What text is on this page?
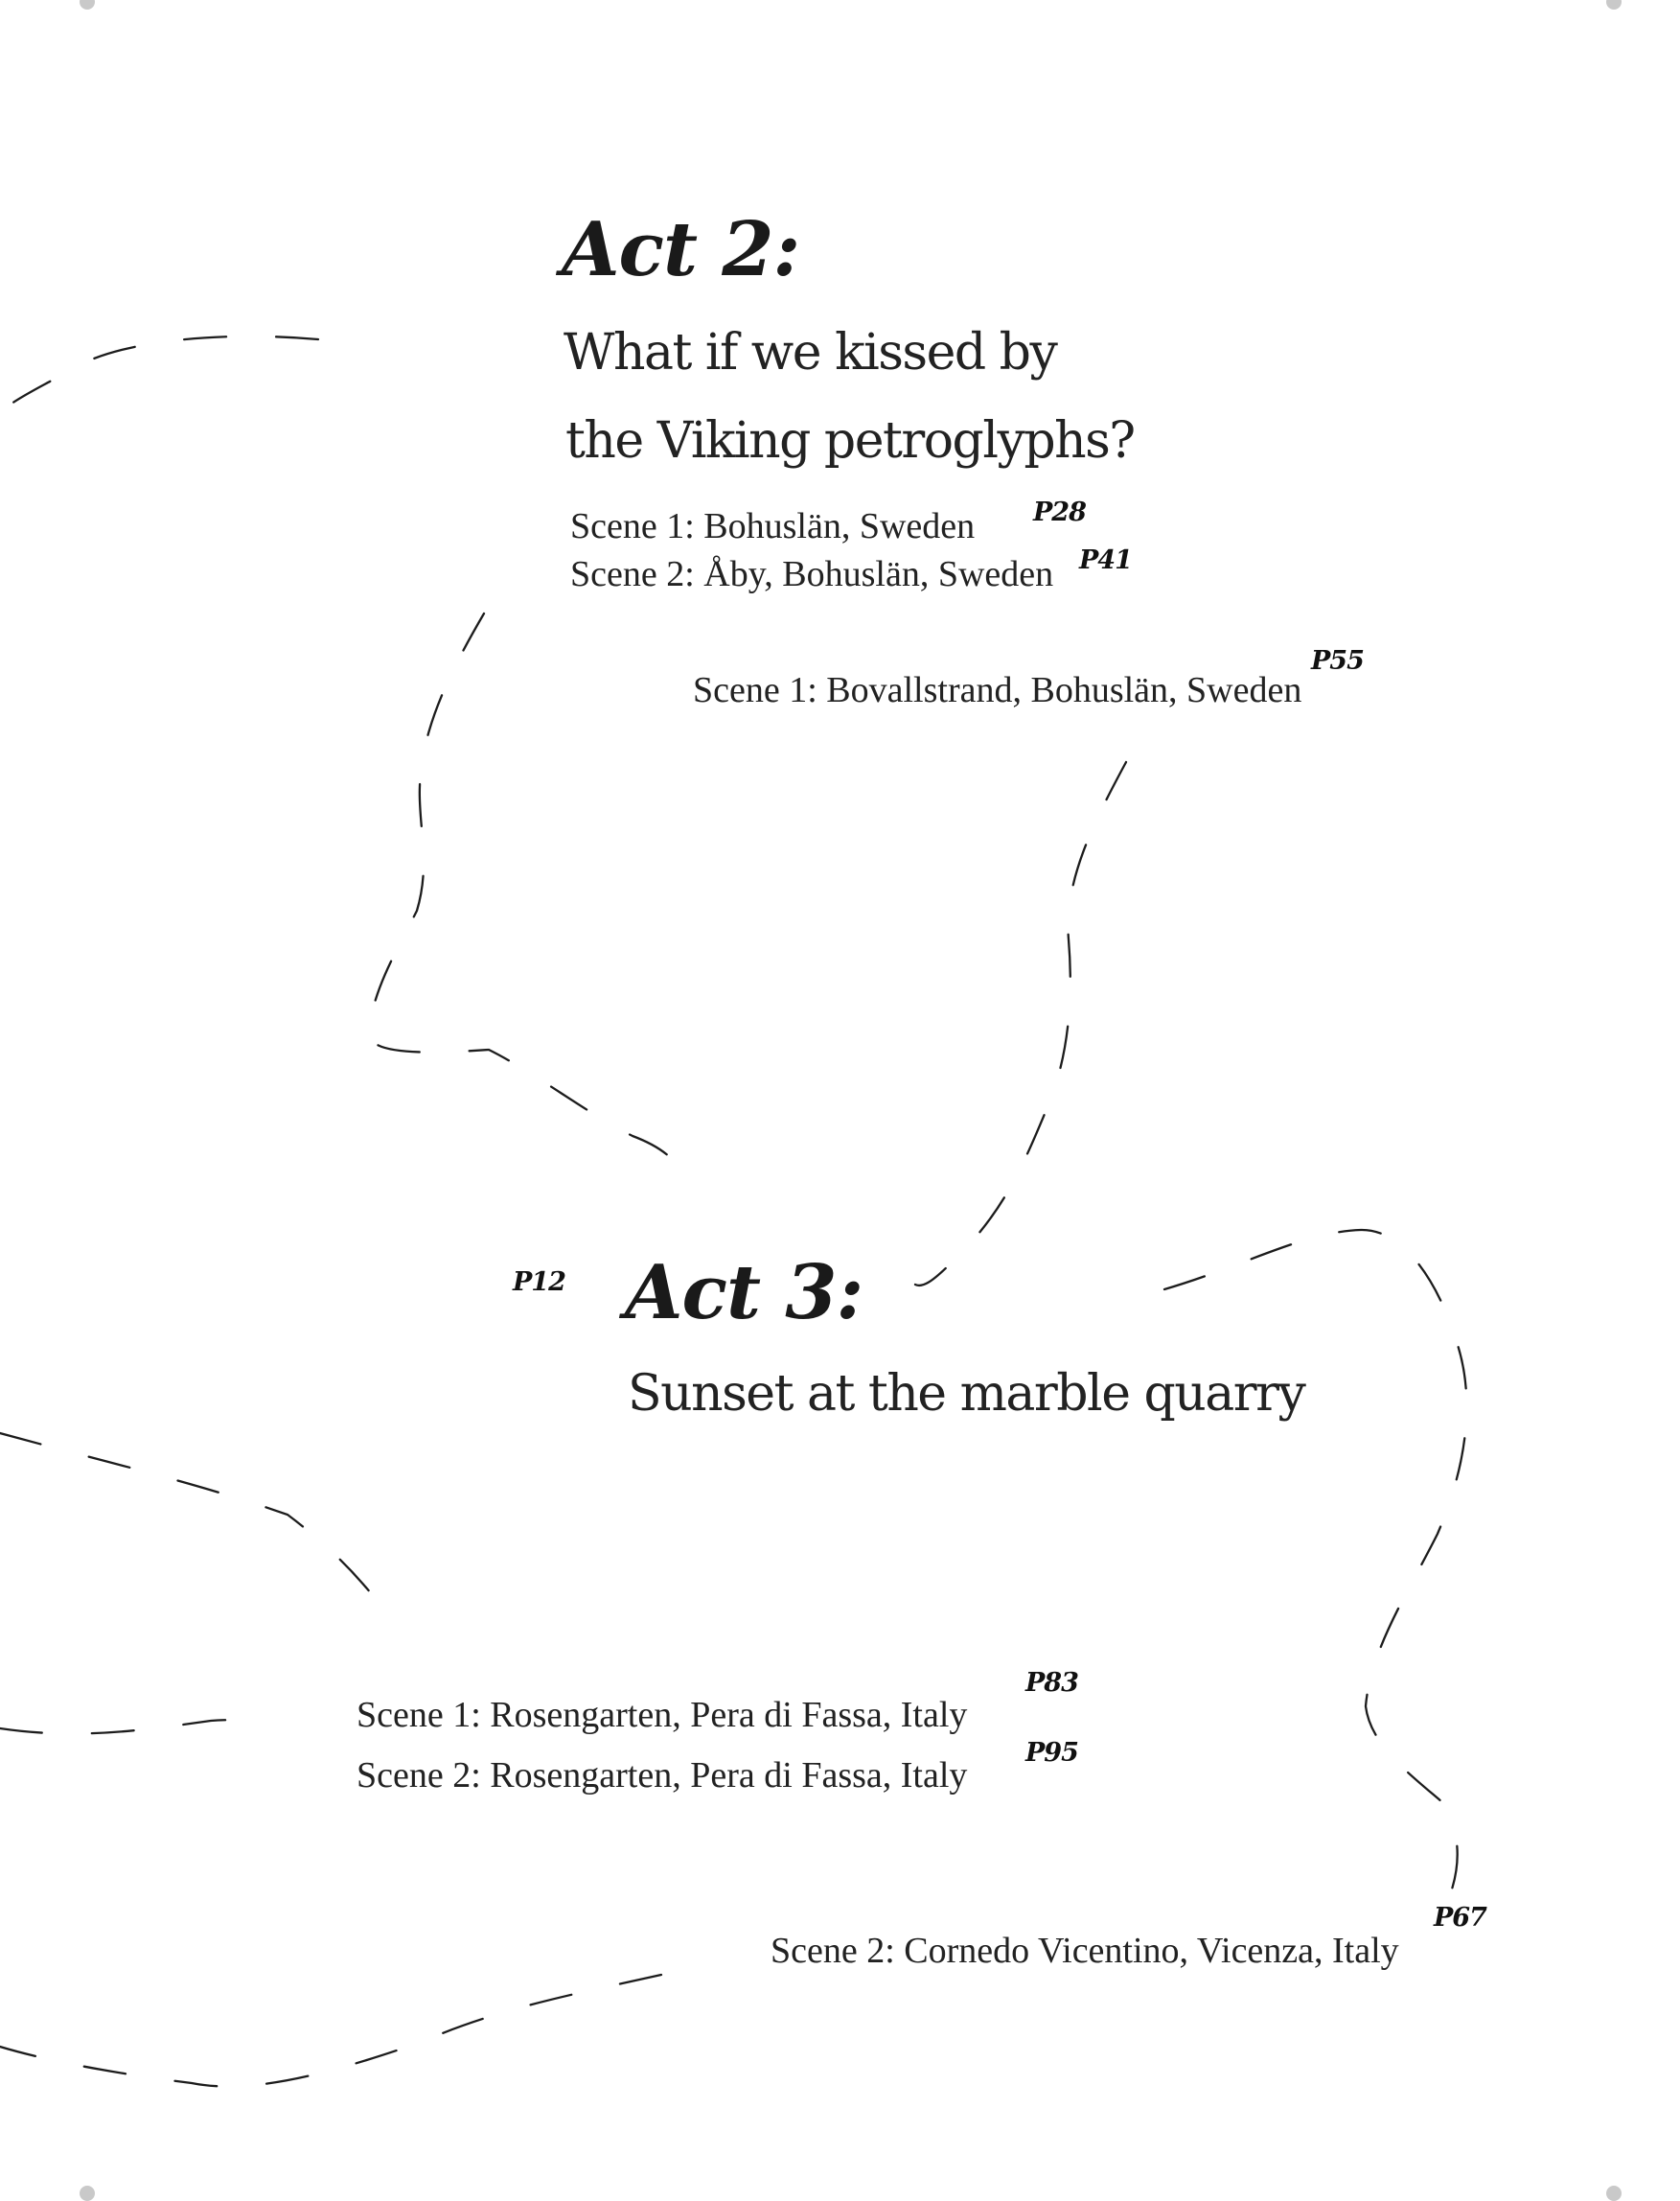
Act 2:

What if we kissed by

the Viking petroglyphs?

Scene 1: Bohuslän, Sweden P28

Scene 2: Åby, Bohuslän, Sweden P41

Scene 1: Bovallstrand, Bohuslän, Sweden

P55

P12 Act 3:

Sunset at the marble quarry

Scene 1: Rosengarten, Pera di Fassa, Italy

P83

Scene 2: Rosengarten, Pera di Fassa, Italy

P95

Scene 2: Cornedo Vicentino, Vicenza, Italy

P67
